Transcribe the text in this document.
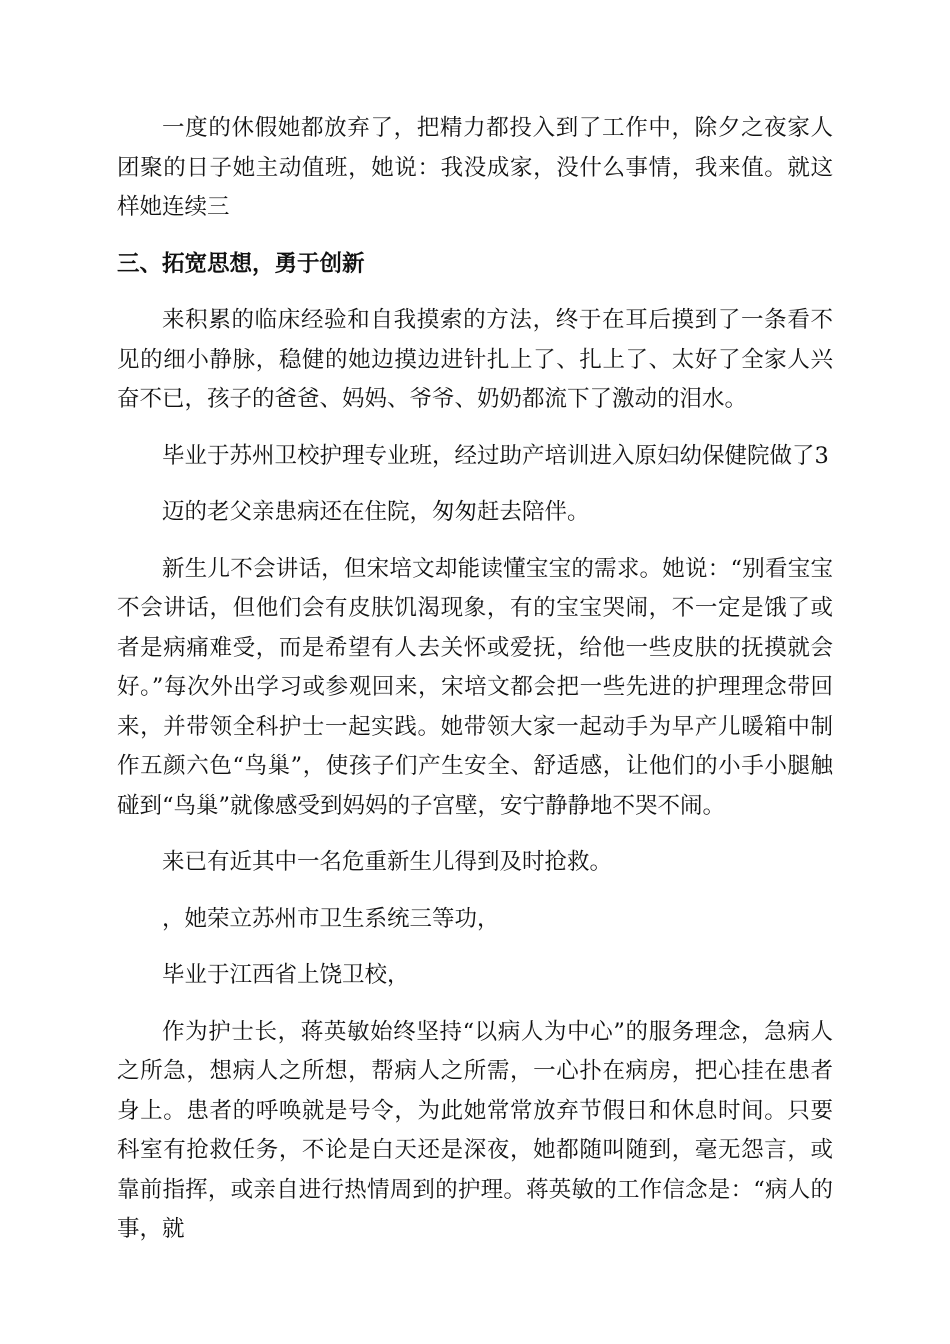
一度的休假她都放弃了，把精力都投入到了工作中，除夕之夜家人团聚的日子她主动值班，她说：我没成家，没什么事情，我来值。就这样她连续三

三、拓宽思想，勇于创新

来积累的临床经验和自我摸索的方法，终于在耳后摸到了一条看不见的细小静脉，稳健的她边摸边进针扎上了、扎上了、太好了全家人兴奋不已，孩子的爸爸、妈妈、爷爷、奶奶都流下了激动的泪水。

毕业于苏州卫校护理专业班，经过助产培训进入原妇幼保健院做了3

迈的老父亲患病还在住院，匆匆赶去陪伴。

新生儿不会讲话，但宋培文却能读懂宝宝的需求。她说：“别看宝宝不会讲话，但他们会有皮肤饥渴现象，有的宝宝哭闹，不一定是饿了或者是病痛难受，而是希望有人去关怀或爱抚，给他一些皮肤的抚摸就会好。”每次外出学习或参观回来，宋培文都会把一些先进的护理理念带回来，并带领全科护士一起实践。她带领大家一起动手为早产儿暖箱中制作五颜六色“鸟巢”，使孩子们产生安全、舒适感，让他们的小手小腿触碰到“鸟巢”就像感受到妈妈的子宫壁，安宁静静地不哭不闹。

来已有近其中一名危重新生儿得到及时抢救。

，她荣立苏州市卫生系统三等功，

毕业于江西省上饶卫校，

作为护士长，蒋英敏始终坚持“以病人为中心”的服务理念，急病人之所急，想病人之所想，帮病人之所需，一心扑在病房，把心挂在患者身上。患者的呼唤就是号令，为此她常常放弃节假日和休息时间。只要科室有抢救任务，不论是白天还是深夜，她都随叫随到，毫无怨言，或靠前指挥，或亲自进行热情周到的护理。蒋英敏的工作信念是：“病人的事，就
